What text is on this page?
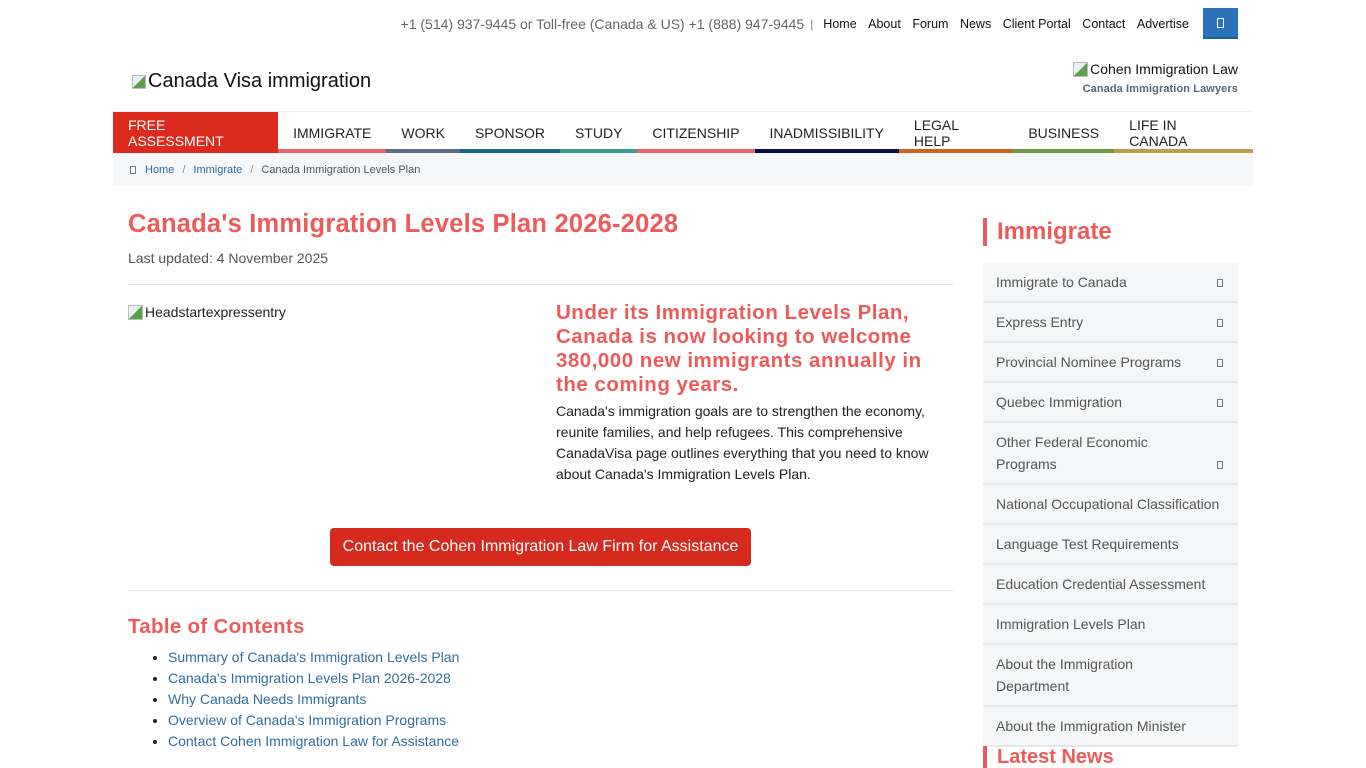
+1 (514) 937-9445 or Toll-free (Canada & US) +1 (888) 947-9445 | Home About Forum News Client Portal Contact Advertise
Canada Visa immigration
Cohen Immigration Law
Canada Immigration Lawyers
FREE ASSESSMENT	IMMIGRATE WORK SPONSOR STUDY CITIZENSHIP INADMISSIBILITY LEGAL HELP	BUSINESS LIFE IN CANADA
Home / Immigrate / Canada Immigration Levels Plan
Canada's Immigration Levels Plan 2026-2028
Last updated: 4 November 2025
Headstartexpressentry	Under its Immigration Levels Plan, Canada is now looking to welcome 380,000 new immigrants annually in the coming years.

Canada's immigration goals are to strengthen the economy, reunite families, and help refugees. This comprehensive CanadaVisa page outlines everything that you need to know about Canada's Immigration Levels Plan.

Contact the Cohen Immigration Law Firm for Assistance
Table of Contents
• Summary of Canada's Immigration Levels Plan
• Canada's Immigration Levels Plan 2026-2028
• Why Canada Needs Immigrants
• Overview of Canada's Immigration Programs
• Contact Cohen Immigration Law for Assistance
Immigrate
Immigrate to Canada
Express Entry
Provincial Nominee Programs
Quebec Immigration
Other Federal Economic Programs
National Occupational Classification
Language Test Requirements
Education Credential Assessment
Immigration Levels Plan
About the Immigration Department
About the Immigration Minister
Latest News
